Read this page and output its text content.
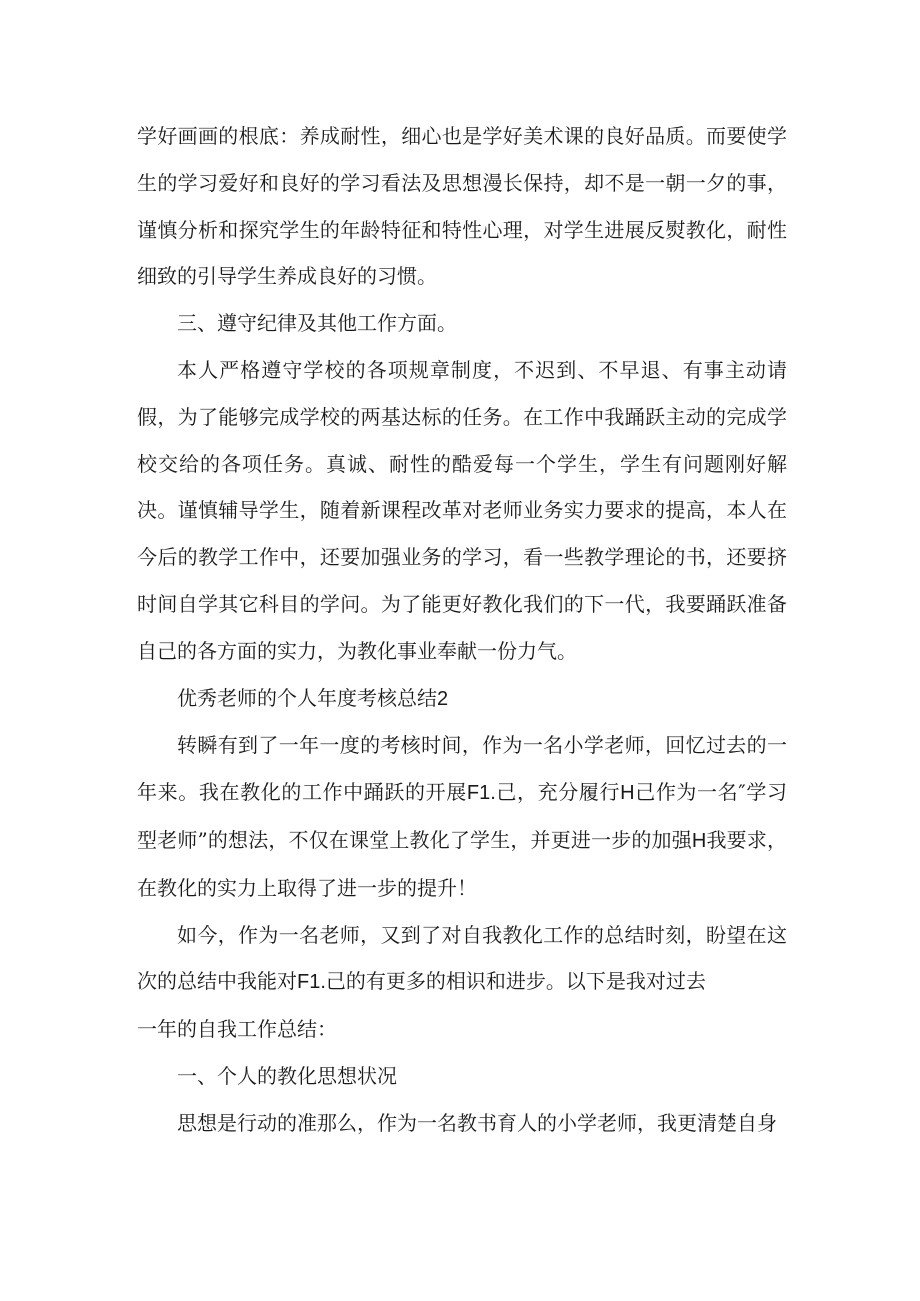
学好画画的根底：养成耐性，细心也是学好美术课的良好品质。而要使学生的学习爱好和良好的学习看法及思想漫长保持，却不是一朝一夕的事，谨慎分析和探究学生的年龄特征和特性心理，对学生进展反熨教化，耐性细致的引导学生养成良好的习惯。

三、遵守纪律及其他工作方面。

本人严格遵守学校的各项规章制度，不迟到、不早退、有事主动请假，为了能够完成学校的两基达标的任务。在工作中我踊跃主动的完成学校交给的各项任务。真诚、耐性的酷爱每一个学生，学生有问题刚好解决。谨慎辅导学生，随着新课程改革对老师业务实力要求的提高，本人在今后的教学工作中，还要加强业务的学习，看一些教学理论的书，还要挤时间自学其它科目的学问。为了能更好教化我们的下一代，我要踊跃准备自己的各方面的实力，为教化事业奉献一份力气。

优秀老师的个人年度考核总结2

转瞬有到了一年一度的考核时间，作为一名小学老师，回忆过去的一年来。我在教化的工作中踊跃的开展F1.己，充分履行H己作为一名″学习型老师”的想法，不仅在课堂上教化了学生，并更进一步的加强H我要求，在教化的实力上取得了进一步的提升！

如今，作为一名老师，又到了对自我教化工作的总结时刻，盼望在这次的总结中我能对F1.己的有更多的相识和进步。以下是我对过去

一年的自我工作总结：

一、个人的教化思想状况

思想是行动的准那么，作为一名教书育人的小学老师，我更清楚自身
